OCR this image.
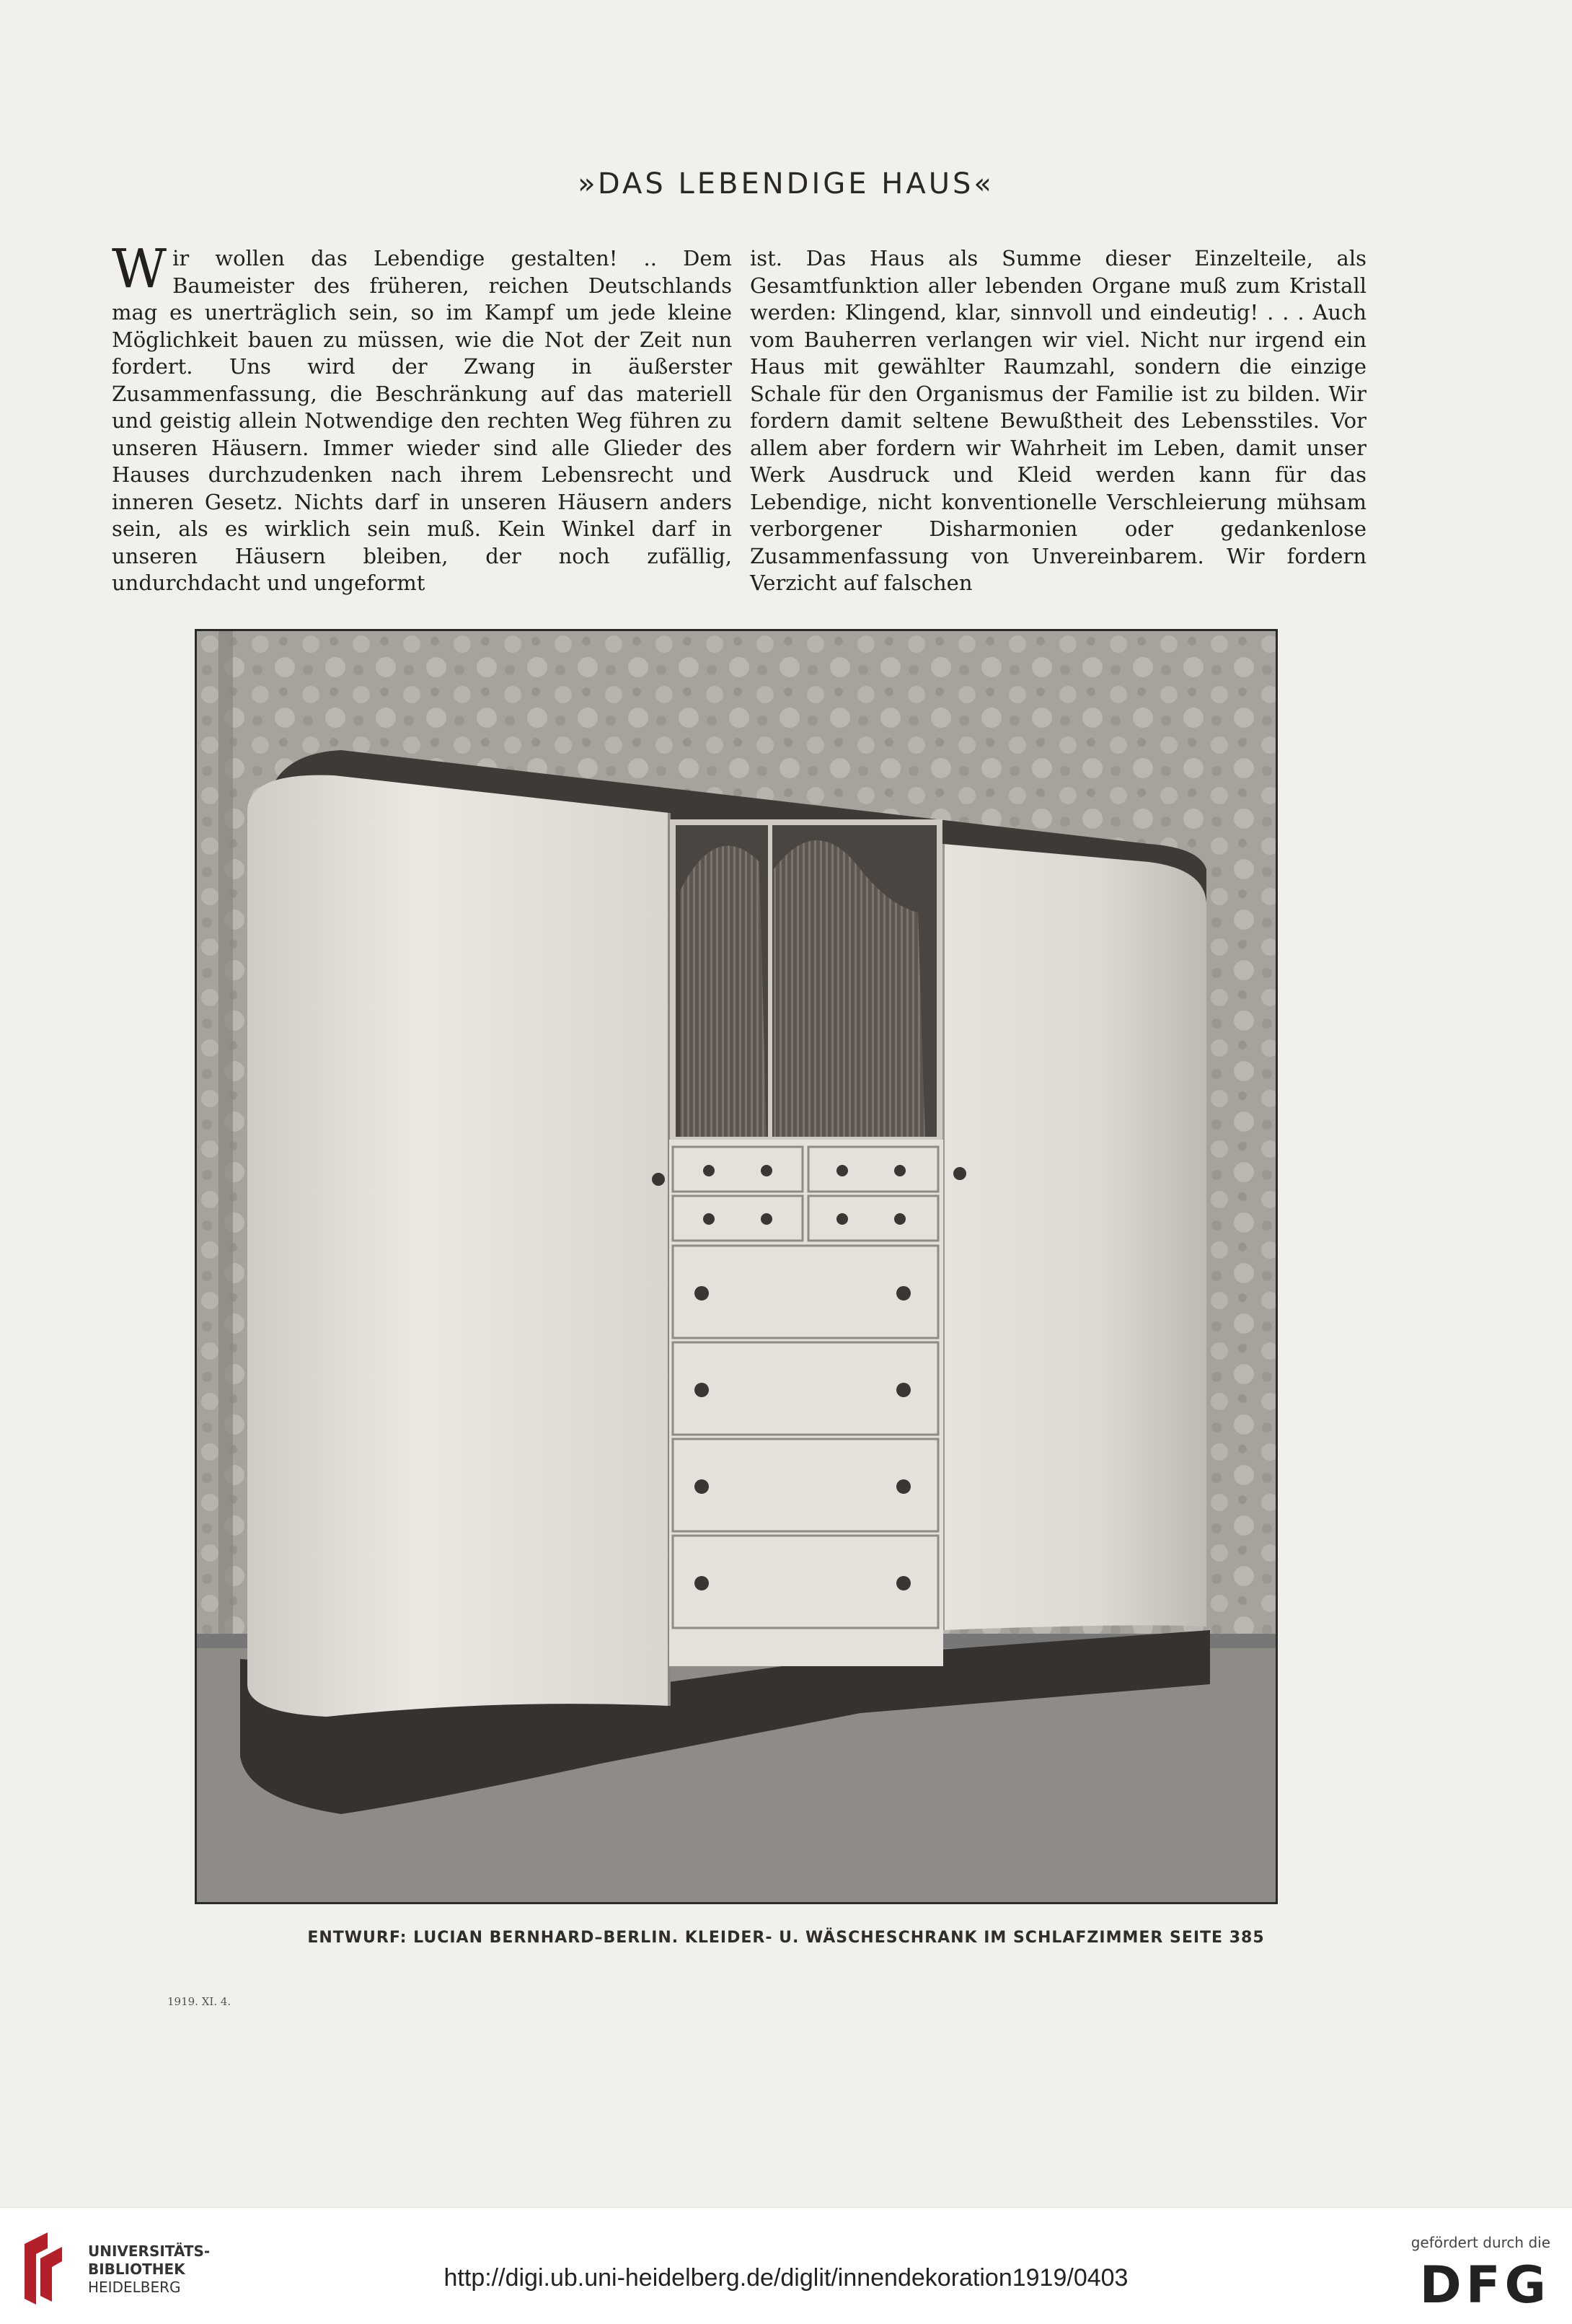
»DAS LEBENDIGE HAUS«
W ir wollen das Lebendige gestalten! .. Dem Baumeister des früheren, reichen Deutschlands mag es unerträglich sein, so im Kampf um jede kleine Möglichkeit bauen zu müssen, wie die Not der Zeit nun fordert. Uns wird der Zwang in äußerster Zusammenfassung, die Beschränkung auf das materiell und geistig allein Notwendige den rechten Weg führen zu unseren Häusern. Immer wieder sind alle Glieder des Hauses durchzudenken nach ihrem Lebensrecht und inneren Gesetz. Nichts darf in unseren Häusern anders sein, als es wirklich sein muß. Kein Winkel darf in unseren Häusern bleiben, der noch zufällig, undurchdacht und ungeformt

ist. Das Haus als Summe dieser Einzelteile, als Gesamtfunktion aller lebenden Organe muß zum Kristall werden: Klingend, klar, sinnvoll und eindeutig! . . . Auch vom Bauherren verlangen wir viel. Nicht nur irgend ein Haus mit gewählter Raumzahl, sondern die einzige Schale für den Organismus der Familie ist zu bilden. Wir fordern damit seltene Bewußtheit des Lebensstiles. Vor allem aber fordern wir Wahrheit im Leben, damit unser Werk Ausdruck und Kleid werden kann für das Lebendige, nicht konventionelle Verschleierung mühsam verborgener Disharmonien oder gedankenlose Zusammenfassung von Unvereinbarem. Wir fordern Verzicht auf falschen

ENTWURF: LUCIAN BERNHARD–BERLIN. KLEIDER- U. WÄSCHESCHRANK IM SCHLAFZIMMER SEITE 385
1919. XI. 4.
UNIVERSITÄTS-
BIBLIOTHEK
HEIDELBERG	http://digi.ub.uni-heidelberg.de/diglit/innendekoration1919/0403
gefördert durch die
DFG
